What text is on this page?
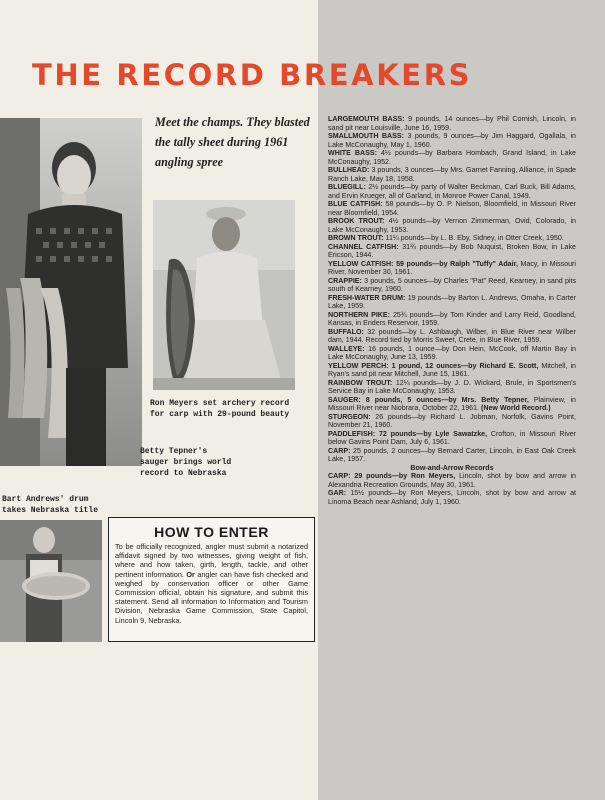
THE RECORD BREAKERS

Meet the champs. They blasted the tally sheet during 1961 angling spree

Ron Meyers set archery record for carp with 29-pound beauty

Betty Tepner's sauger brings world record to Nebraska

Bart Andrews' drum takes Nebraska title

HOW TO ENTER

To be officially recognized, angler must submit a notarized affidavit signed by two witnesses, giving weight of fish, where and how taken, girth, length, tackle, and other pertinent information. Or angler can have fish checked and weighed by conservation officer or other Game Commission official, obtain his signature, and submit this statement. Send all information to Information and Tourism Division, Nebraska Game Commission, State Capitol, Lincoln 9, Nebraska.

LARGEMOUTH BASS: 9 pounds, 14 ounces—by Phil Cornish, Lincoln, in sand pit near Louisville, June 16, 1959.

SMALLMOUTH BASS: 3 pounds, 9 ounces—by Jim Haggard, Ogallala, in Lake McConaughy, May 1, 1960.

WHITE BASS: 4½ pounds—by Barbara Hombach, Grand Island, in Lake McConaughy, 1952.

BULLHEAD: 3 pounds, 3 ounces—by Mrs. Garnet Fanning, Alliance, in Spade Ranch Lake, May 18, 1958.

BLUEGILL: 2½ pounds—by party of Walter Beckman, Carl Buck, Bill Adams, and Ervin Krueger, all of Garland, in Monroe Power Canal, 1949.

BLUE CATFISH: 58 pounds—by O. P. Nielson, Bloomfield, in Missouri River near Bloomfield, 1954.

BROOK TROUT: 4½ pounds—by Vernon Zimmerman, Ovid, Colorado, in Lake McConaughy, 1953.

BROWN TROUT: 11¼ pounds—by L. B. Eby, Sidney, in Otter Creek, 1950.

CHANNEL CATFISH: 31¾ pounds—by Bob Nuquist, Broken Bow, in Lake Ericson, 1944.

YELLOW CATFISH: 59 pounds—by Ralph "Tuffy" Adair, Macy, in Missouri River, November 30, 1961.

CRAPPIE: 3 pounds, 5 ounces—by Charles "Pat" Reed, Kearney, in sand pits south of Kearney, 1960.

FRESH-WATER DRUM: 19 pounds—by Barton L. Andrews, Omaha, in Carter Lake, 1959.

NORTHERN PIKE: 25¾ pounds—by Tom Kinder and Larry Reid, Goodland, Kansas, in Enders Reservoir, 1959.

BUFFALO: 32 pounds—by L. Ashbaugh, Wilber, in Blue River near Wilber dam, 1944. Record tied by Morris Sweet, Crete, in Blue River, 1959.

WALLEYE: 16 pounds, 1 ounce—by Don Hein, McCook, off Martin Bay in Lake McConaughy, June 13, 1959.

YELLOW PERCH: 1 pound, 12 ounces—by Richard E. Scott, Mitchell, in Ryan's sand pit near Mitchell, June 15, 1961.

RAINBOW TROUT: 12¼ pounds—by J. D. Wickard, Brule, in Sportsmen's Service Bay in Lake McConaughy, 1953.

SAUGER: 8 pounds, 5 ounces—by Mrs. Betty Tepner, Plainview, in Missouri River near Niobrara, October 22, 1961. (New World Record.)

STURGEON: 26 pounds—by Richard L. Jobman, Norfolk, Gavins Point, November 21, 1960.

PADDLEFISH: 72 pounds—by Lyle Sawatzke, Crofton, in Missouri River below Gavins Point Dam, July 6, 1961.

CARP: 25 pounds, 2 ounces—by Bernard Carter, Lincoln, in East Oak Creek Lake, 1957.

Bow-and-Arrow Records

CARP: 29 pounds—by Ron Meyers, Lincoln, shot by bow and arrow in Alexandria Recreation Grounds, May 30, 1961.

GAR: 15½ pounds—by Ron Meyers, Lincoln, shot by bow and arrow at Linoma Beach near Ashland, July 1, 1960.
